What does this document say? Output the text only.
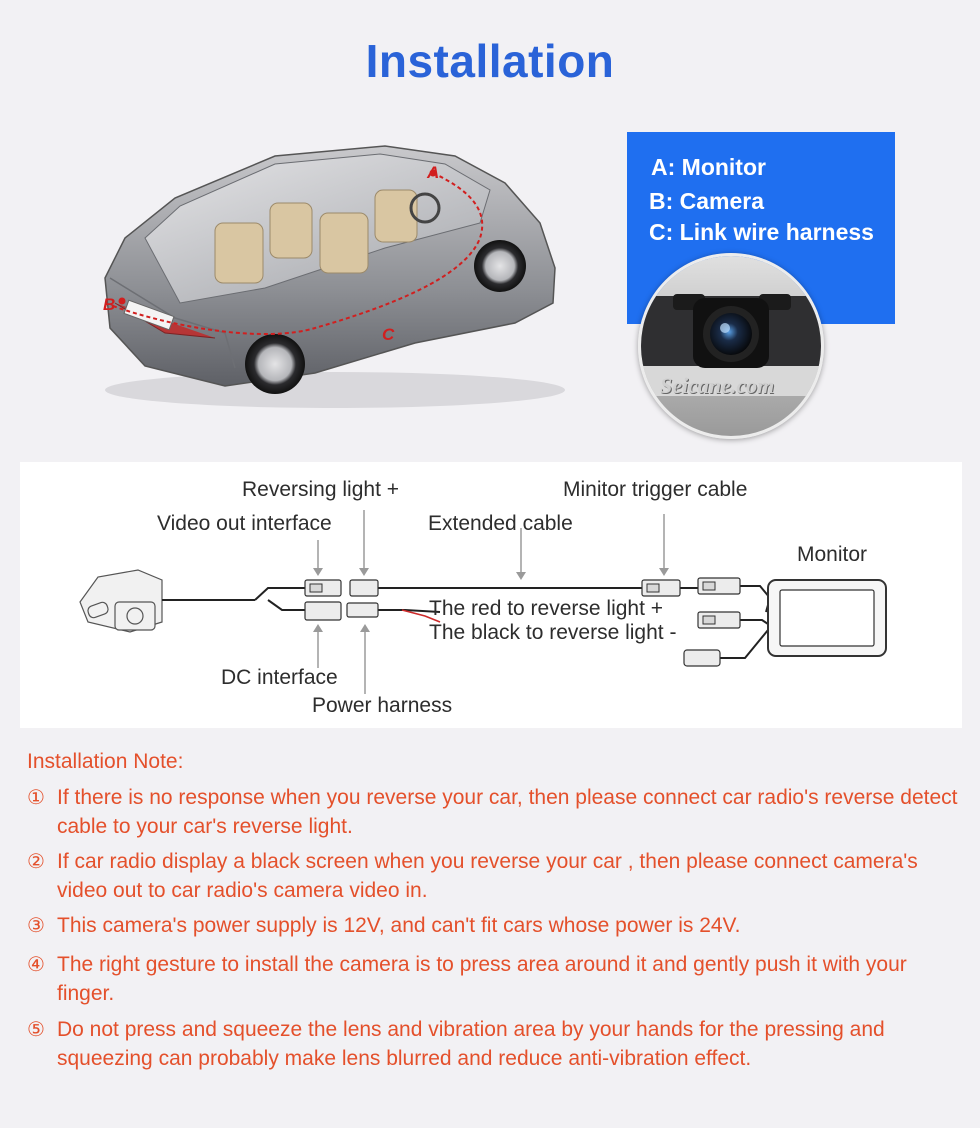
Installation
A
B
C
A: Monitor
B: Camera
C: Link wire harness
Seicane.com
Reversing light +	Minitor trigger cable
Video out interface	Extended cable
Monitor
The red to reverse light +
The black to reverse light -
DC interface
Power harness
Installation Note:
① If there is no response when you reverse your car, then please connect car radio's reverse detect cable to your car's reverse light.
② If car radio display a black screen when you reverse your car , then please connect camera's video out to car radio's camera video in.
③ This camera's power supply is 12V, and can't fit cars whose power is 24V.
④ The right gesture to install the camera is to press area around it and gently push it with your finger.
⑤ Do not press and squeeze the lens and vibration area by your hands for the pressing and squeezing can probably make lens blurred and reduce anti-vibration effect.
